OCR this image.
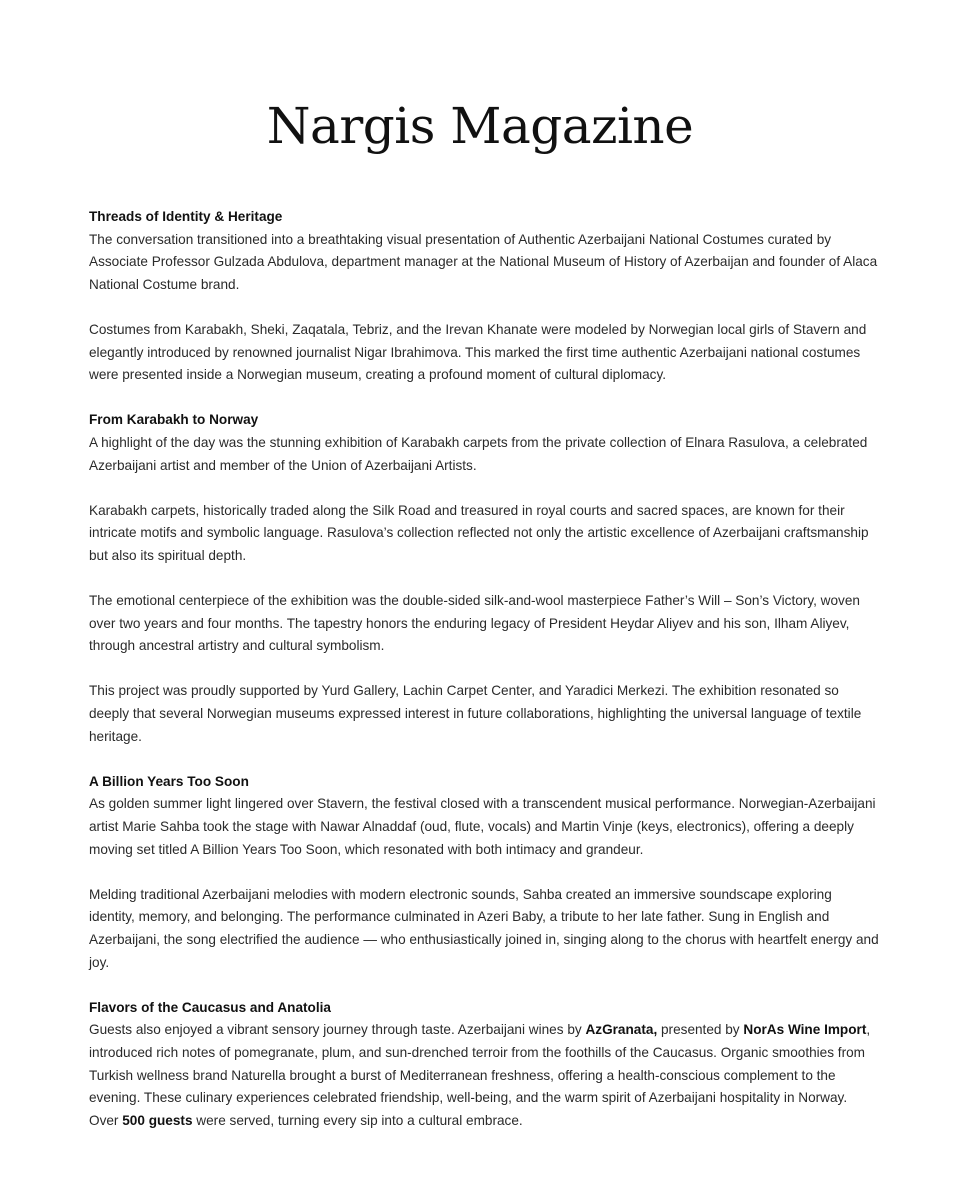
Nargis Magazine

Threads of Identity & Heritage

The conversation transitioned into a breathtaking visual presentation of Authentic Azerbaijani National Costumes curated by Associate Professor Gulzada Abdulova, department manager at the National Museum of History of Azerbaijan and founder of Alaca National Costume brand.

Costumes from Karabakh, Sheki, Zaqatala, Tebriz, and the Irevan Khanate were modeled by Norwegian local girls of Stavern and elegantly introduced by renowned journalist Nigar Ibrahimova. This marked the first time authentic Azerbaijani national costumes were presented inside a Norwegian museum, creating a profound moment of cultural diplomacy.

From Karabakh to Norway

A highlight of the day was the stunning exhibition of Karabakh carpets from the private collection of Elnara Rasulova, a celebrated Azerbaijani artist and member of the Union of Azerbaijani Artists.

Karabakh carpets, historically traded along the Silk Road and treasured in royal courts and sacred spaces, are known for their intricate motifs and symbolic language. Rasulova’s collection reflected not only the artistic excellence of Azerbaijani craftsmanship but also its spiritual depth.

The emotional centerpiece of the exhibition was the double-sided silk-and-wool masterpiece Father’s Will – Son’s Victory, woven over two years and four months. The tapestry honors the enduring legacy of President Heydar Aliyev and his son, Ilham Aliyev, through ancestral artistry and cultural symbolism.

This project was proudly supported by Yurd Gallery, Lachin Carpet Center, and Yaradici Merkezi. The exhibition resonated so deeply that several Norwegian museums expressed interest in future collaborations, highlighting the universal language of textile heritage.

A Billion Years Too Soon

As golden summer light lingered over Stavern, the festival closed with a transcendent musical performance. Norwegian-Azerbaijani artist Marie Sahba took the stage with Nawar Alnaddaf (oud, flute, vocals) and Martin Vinje (keys, electronics), offering a deeply moving set titled A Billion Years Too Soon, which resonated with both intimacy and grandeur.

Melding traditional Azerbaijani melodies with modern electronic sounds, Sahba created an immersive soundscape exploring identity, memory, and belonging. The performance culminated in Azeri Baby, a tribute to her late father. Sung in English and Azerbaijani, the song electrified the audience — who enthusiastically joined in, singing along to the chorus with heartfelt energy and joy.

Flavors of the Caucasus and Anatolia

Guests also enjoyed a vibrant sensory journey through taste. Azerbaijani wines by AzGranata, presented by NorAs Wine Import, introduced rich notes of pomegranate, plum, and sun-drenched terroir from the foothills of the Caucasus. Organic smoothies from Turkish wellness brand Naturella brought a burst of Mediterranean freshness, offering a health-conscious complement to the evening. These culinary experiences celebrated friendship, well-being, and the warm spirit of Azerbaijani hospitality in Norway. Over 500 guests were served, turning every sip into a cultural embrace.
